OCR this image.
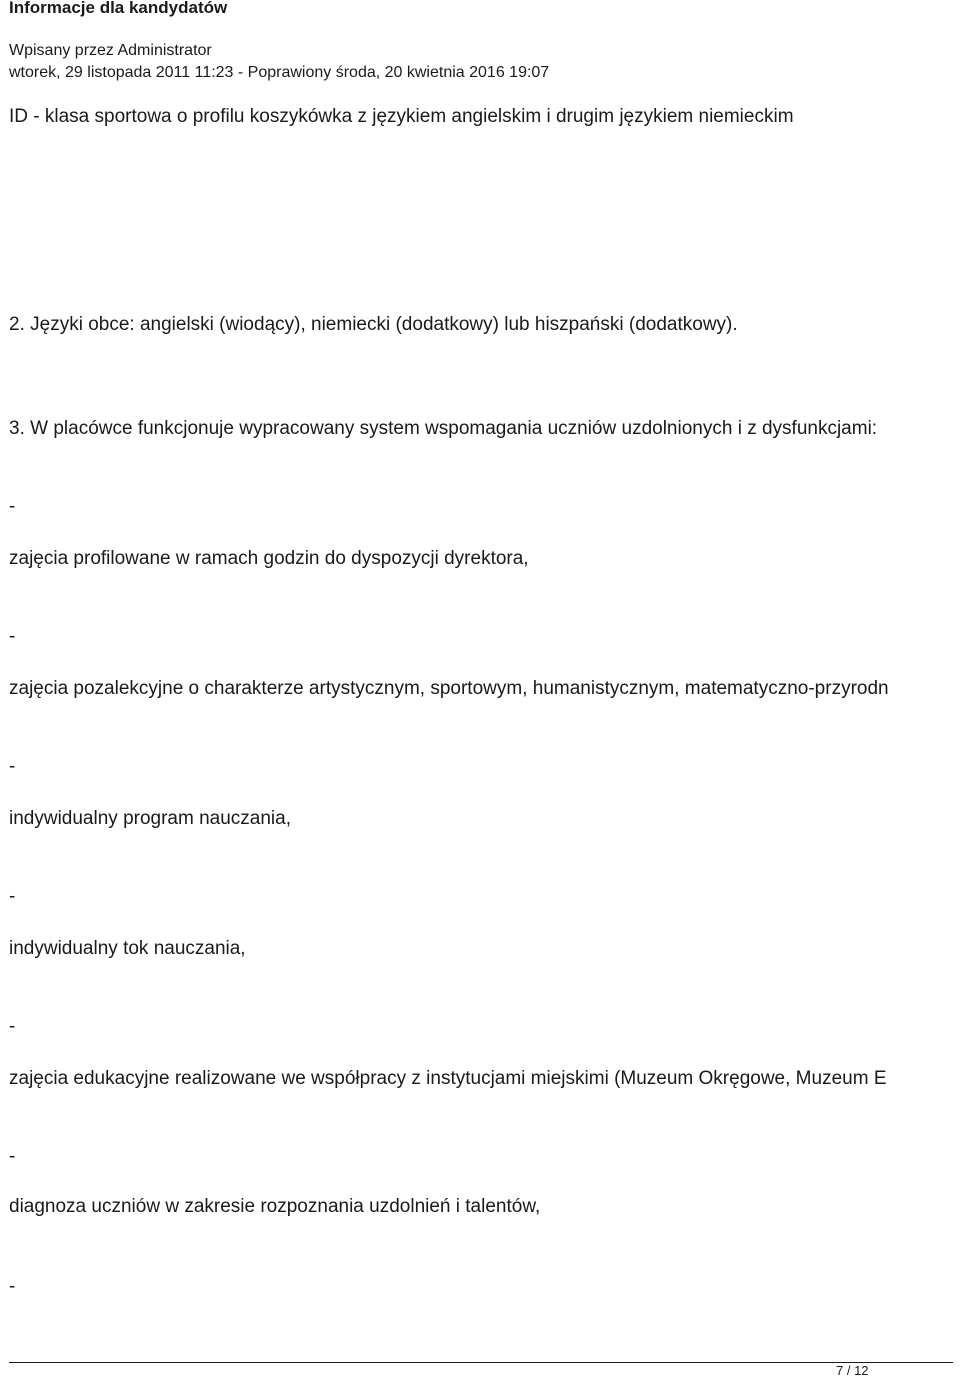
Informacje dla kandydatów
Wpisany przez Administrator
wtorek, 29 listopada 2011 11:23 - Poprawiony środa, 20 kwietnia 2016 19:07
ID - klasa sportowa o profilu koszykówka z językiem angielskim i drugim językiem niemieckim
2. Języki obce: angielski (wiodący), niemiecki (dodatkowy) lub hiszpański (dodatkowy).
3. W placówce funkcjonuje wypracowany system wspomagania uczniów uzdolnionych i z dysfunkcjami:
-
zajęcia profilowane w ramach godzin do dyspozycji dyrektora,
-
zajęcia pozalekcyjne o charakterze artystycznym, sportowym, humanistycznym, matematyczno-przyrodn
-
indywidualny program nauczania,
-
indywidualny tok nauczania,
-
zajęcia edukacyjne realizowane we współpracy z instytucjami miejskimi (Muzeum Okręgowe, Muzeum E
-
diagnoza uczniów w zakresie rozpoznania uzdolnień i talentów,
-
7 / 12
